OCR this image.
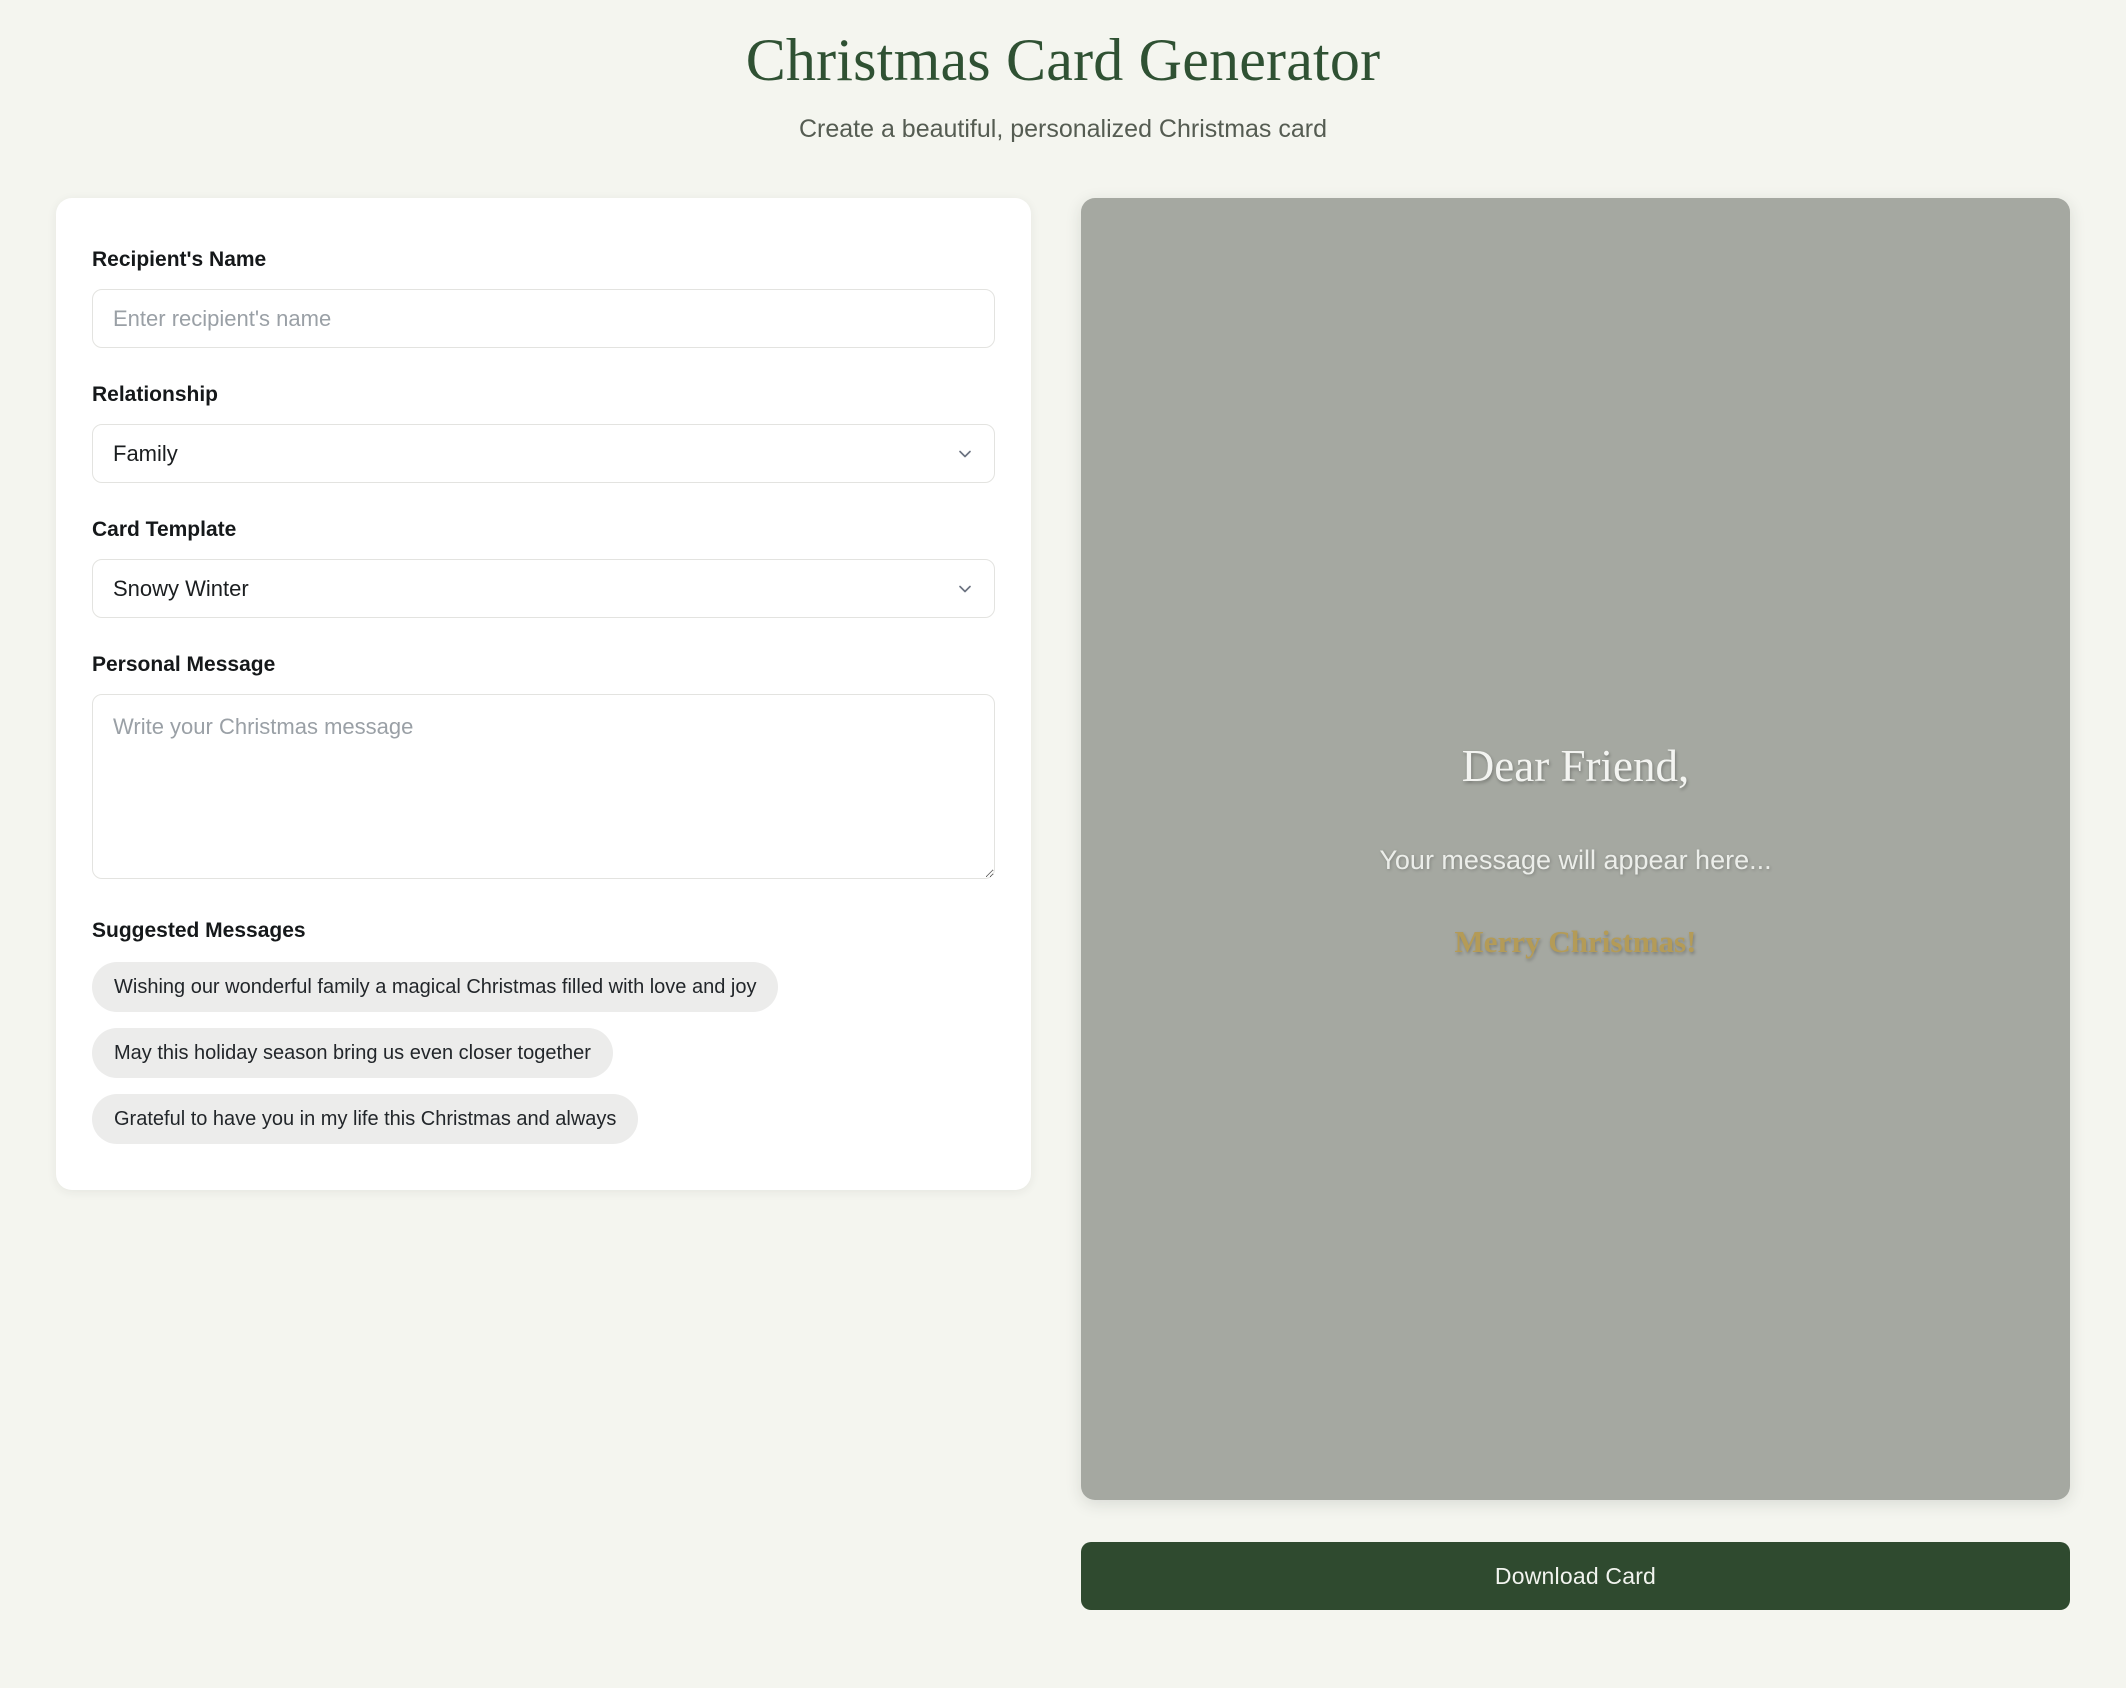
Christmas Card Generator

Create a beautiful, personalized Christmas card

Recipient's Name
Enter recipient's name
Relationship
Family
Card Template
Snowy Winter
Personal Message
Write your Christmas message
Suggested Messages
Wishing our wonderful family a magical Christmas filled with love and joy
May this holiday season bring us even closer together
Grateful to have you in my life this Christmas and always
Dear Friend,
Your message will appear here...
Merry Christmas!
Download Card
